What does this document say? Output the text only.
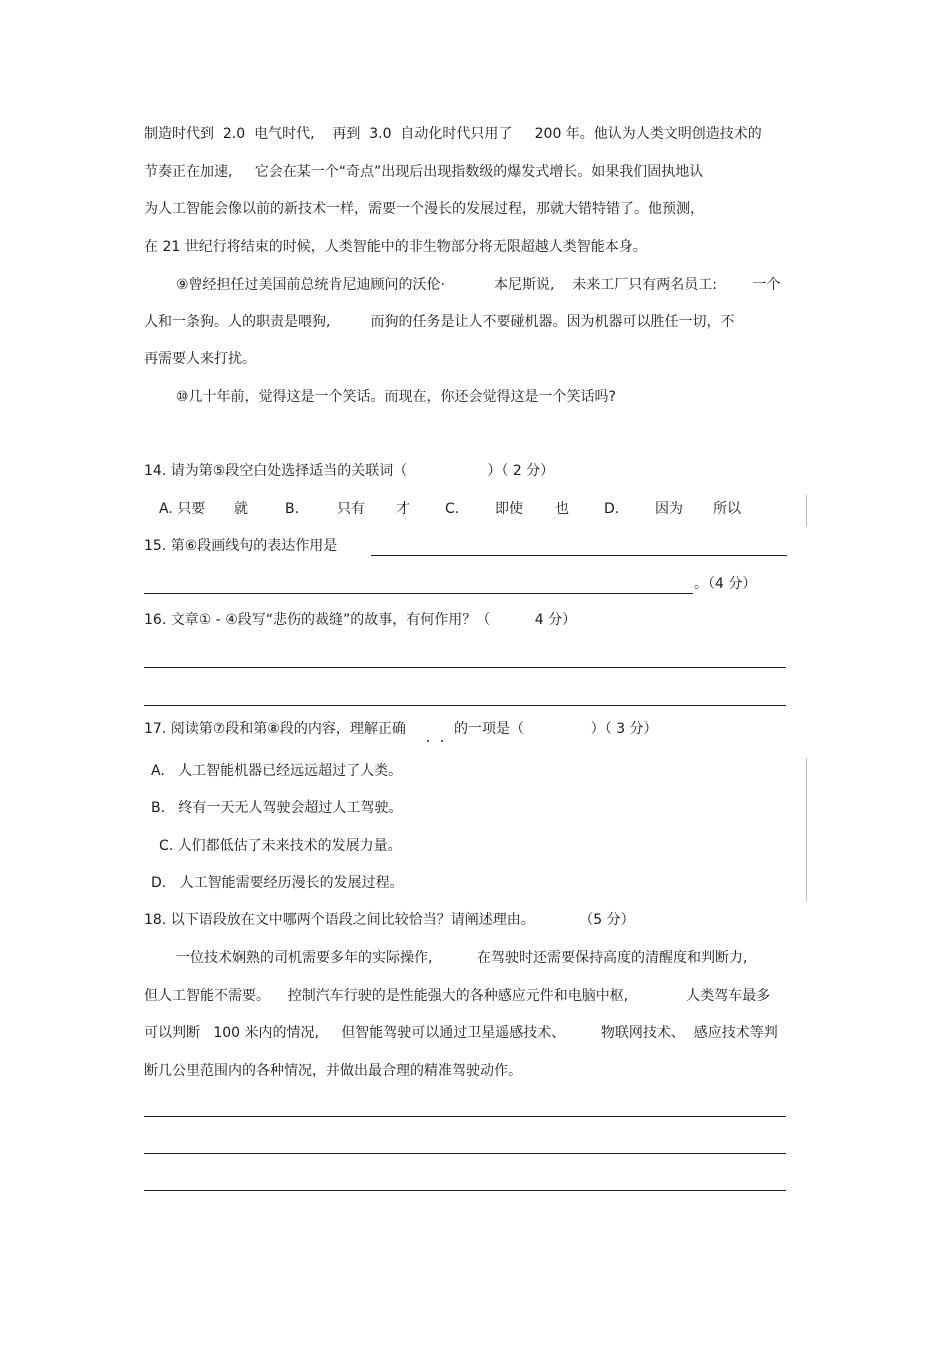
制造时代到  2.0  电气时代,    再到  3.0  自动化时代只用了     200 年。他认为人类文明创造技术的
节奏正在加速,     它会在某一个“奇点”出现后出现指数级的爆发式增长。如果我们固执地认
为人工智能会像以前的新技术一样，需要一个漫长的发展过程，那就大错特错了。他预测，
在 21 世纪行将结束的时候，人类智能中的非生物部分将无限超越人类智能本身。
⑨曾经担任过美国前总统肯尼迪顾问的沃伦·           本尼斯说,    未来工厂只有两名员工:        一个
人和一条狗。人的职责是喂狗,         而狗的任务是让人不要碰机器。因为机器可以胜任一切，不
再需要人来打扰。
⑩几十年前，觉得这是一个笑话。而现在，你还会觉得这是一个笑话吗?
14. 请为第⑤段空白处选择适当的关联词（                  ）（ 2 分）
A. 只要 就	B.	只有 才	C.	即使 也	D.	因为 所以
15. 第⑥段画线句的表达作用是
。（4 分）
16. 文章① - ④段写“悲伤的裁缝”的故事，有何作用？（          4 分）
17. 阅读第⑦段和第⑧段的内容，理解正确	的一项是（               ）（ 3 分）
A.   人工智能机器已经远远超过了人类。
B.   终有一天无人驾驶会超过人工驾驶。
C. 人们都低估了未来技术的发展力量。
D.   人工智能需要经历漫长的发展过程。
18. 以下语段放在文中哪两个语段之间比较恰当？请阐述理由。          （5 分）
一位技术娴熟的司机需要多年的实际操作,          在驾驶时还需要保持高度的清醒度和判断力,
但人工智能不需要。    控制汽车行驶的是性能强大的各种感应元件和电脑中枢,             人类驾车最多
可以判断   100 米内的情况,     但智能驾驶可以通过卫星遥感技术、        物联网技术、  感应技术等判
断几公里范围内的各种情况，并做出最合理的精准驾驶动作。
